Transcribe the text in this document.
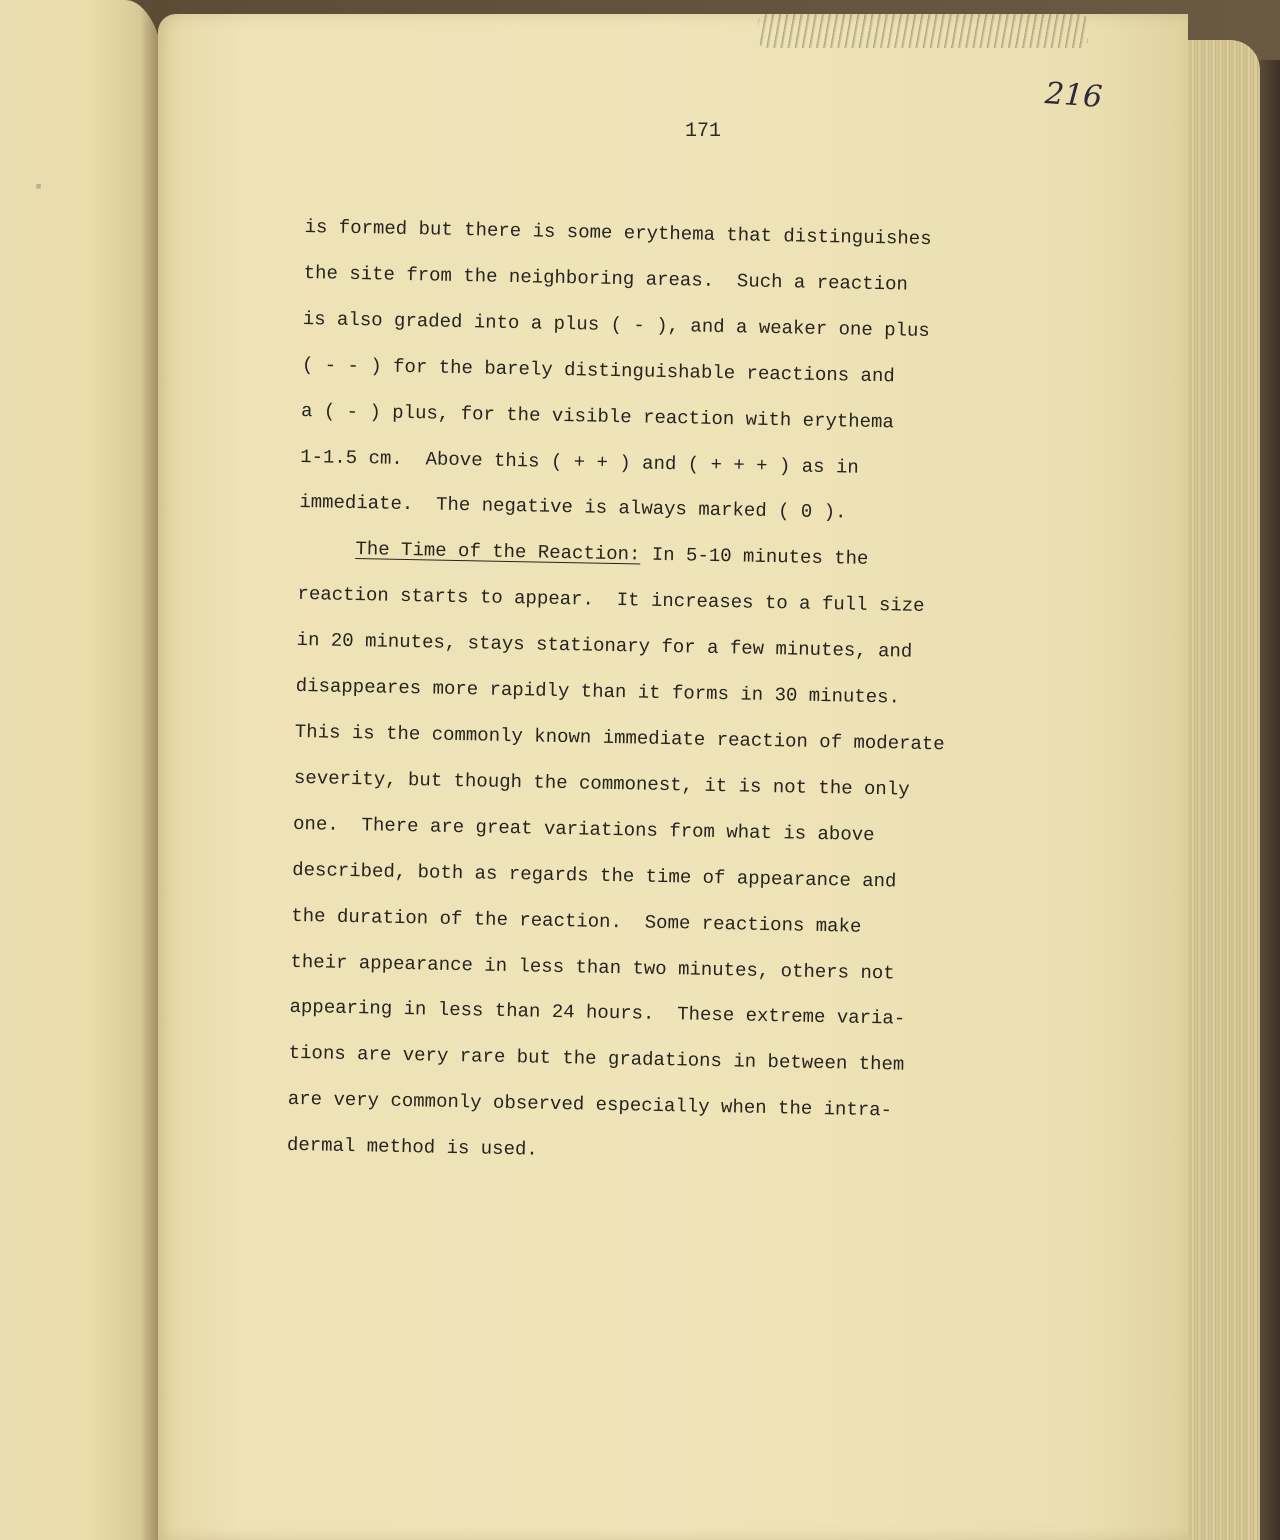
▪
216
171
is formed but there is some erythema that distinguishes
the site from the neighboring areas.  Such a reaction
is also graded into a plus ( - ), and a weaker one plus
( - - ) for the barely distinguishable reactions and
a ( - ) plus, for the visible reaction with erythema
1-1.5 cm.  Above this ( + + ) and ( + + + ) as in
immediate.  The negative is always marked ( 0 ).
The Time of the Reaction: In 5-10 minutes the
reaction starts to appear.  It increases to a full size
in 20 minutes, stays stationary for a few minutes, and
disappeares more rapidly than it forms in 30 minutes.
This is the commonly known immediate reaction of moderate
severity, but though the commonest, it is not the only
one.  There are great variations from what is above
described, both as regards the time of appearance and
the duration of the reaction.  Some reactions make
their appearance in less than two minutes, others not
appearing in less than 24 hours.  These extreme varia-
tions are very rare but the gradations in between them
are very commonly observed especially when the intra-
dermal method is used.
